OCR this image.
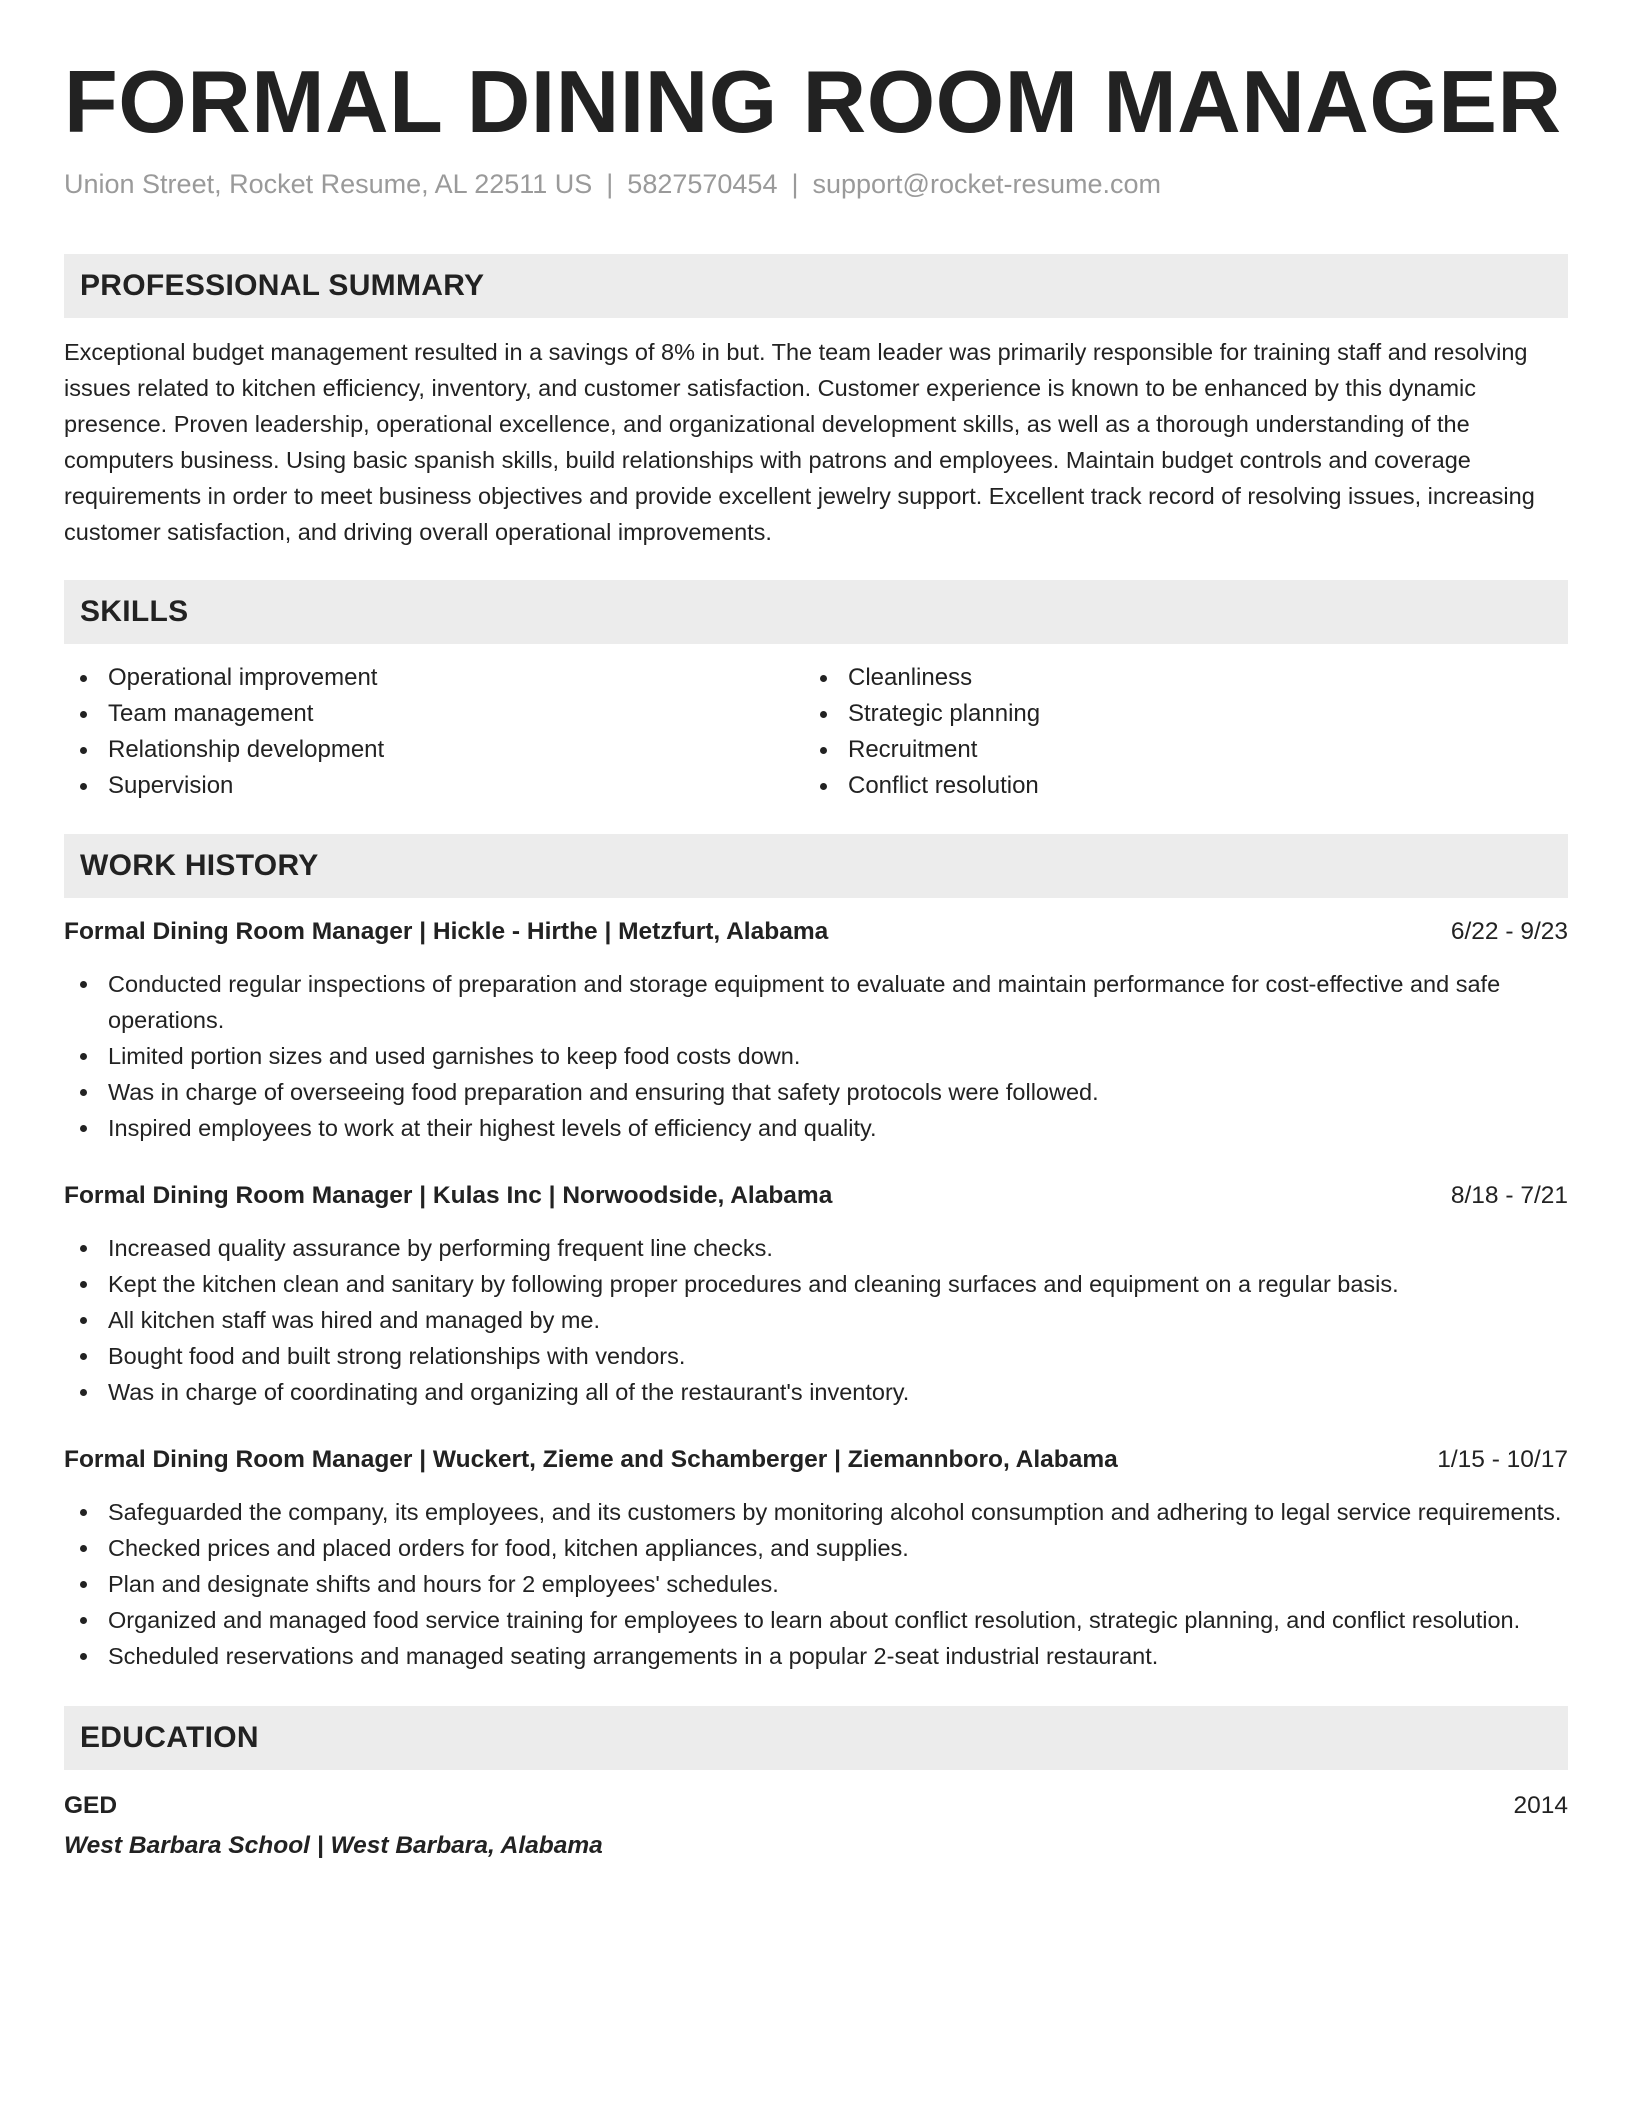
FORMAL DINING ROOM MANAGER
Union Street, Rocket Resume, AL 22511 US | 5827570454 | support@rocket-resume.com
PROFESSIONAL SUMMARY

Exceptional budget management resulted in a savings of 8% in but. The team leader was primarily responsible for training staff and resolving issues related to kitchen efficiency, inventory, and customer satisfaction. Customer experience is known to be enhanced by this dynamic presence. Proven leadership, operational excellence, and organizational development skills, as well as a thorough understanding of the computers business. Using basic spanish skills, build relationships with patrons and employees. Maintain budget controls and coverage requirements in order to meet business objectives and provide excellent jewelry support. Excellent track record of resolving issues, increasing customer satisfaction, and driving overall operational improvements.

SKILLS
Operational improvement
Team management
Relationship development
Supervision
Cleanliness
Strategic planning
Recruitment
Conflict resolution
WORK HISTORY
Formal Dining Room Manager | Hickle - Hirthe | Metzfurt, Alabama	6/22 - 9/23
Conducted regular inspections of preparation and storage equipment to evaluate and maintain performance for cost-effective and safe operations.
Limited portion sizes and used garnishes to keep food costs down.
Was in charge of overseeing food preparation and ensuring that safety protocols were followed.
Inspired employees to work at their highest levels of efficiency and quality.
Formal Dining Room Manager | Kulas Inc | Norwoodside, Alabama	8/18 - 7/21
Increased quality assurance by performing frequent line checks.
Kept the kitchen clean and sanitary by following proper procedures and cleaning surfaces and equipment on a regular basis.
All kitchen staff was hired and managed by me.
Bought food and built strong relationships with vendors.
Was in charge of coordinating and organizing all of the restaurant's inventory.
Formal Dining Room Manager | Wuckert, Zieme and Schamberger | Ziemannboro, Alabama	1/15 - 10/17
Safeguarded the company, its employees, and its customers by monitoring alcohol consumption and adhering to legal service requirements.
Checked prices and placed orders for food, kitchen appliances, and supplies.
Plan and designate shifts and hours for 2 employees' schedules.
Organized and managed food service training for employees to learn about conflict resolution, strategic planning, and conflict resolution.
Scheduled reservations and managed seating arrangements in a popular 2-seat industrial restaurant.
EDUCATION
GED	2014
West Barbara School | West Barbara, Alabama
